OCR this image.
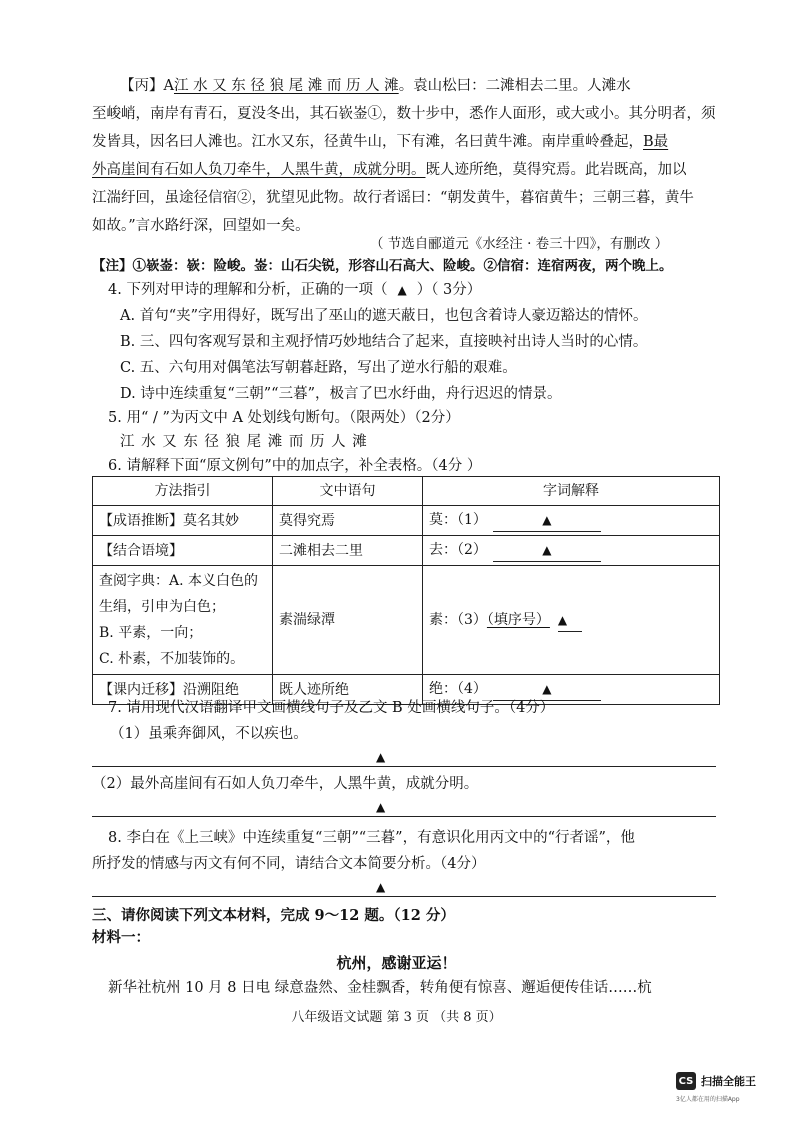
【丙】A江 水 又 东 径 狼 尾 滩 而 历 人 滩。袁山松曰：二滩相去二里。人滩水
至峻峭，南岸有青石，夏没冬出，其石嵚崟①，数十步中，悉作人面形，或大或小。其分明者，须
发皆具，因名曰人滩也。江水又东，径黄牛山，下有滩，名曰黄牛滩。南岸重岭叠起，B最
外高崖间有石如人负刀牵牛，人黑牛黄，成就分明。既人迹所绝，莫得究焉。此岩既高，加以
江湍纡回，虽途径信宿②，犹望见此物。故行者谣曰：“朝发黄牛，暮宿黄牛；三朝三暮，黄牛
如故。”言水路纡深，回望如一矣。
（ 节选自郦道元《水经注 · 卷三十四》，有删改 ）
【注】①嵚崟：嵚：险峻。崟：山石尖锐，形容山石高大、险峻。②信宿：连宿两夜，两个晚上。
4. 下列对甲诗的理解和分析，正确的一项（ ▲ ）（ 3分）
A. 首句“夹”字用得好，既写出了巫山的遮天蔽日，也包含着诗人豪迈豁达的情怀。
B. 三、四句客观写景和主观抒情巧妙地结合了起来，直接映衬出诗人当时的心情。
C. 五、六句用对偶笔法写朝暮赶路，写出了逆水行船的艰难。
D. 诗中连续重复“三朝”“三暮”，极言了巴水纡曲，舟行迟迟的情景。
5. 用“ / ”为丙文中 A 处划线句断句。（限两处）（2分）
江 水 又 东 径 狼 尾 滩 而 历 人 滩
6. 请解释下面“原文例句”中的加点字，补全表格。（4分 ）
方法指引	文中语句	字词解释
【成语推断】莫名其妙	莫得究焉	莫：（1） ▲
【结合语境】	二滩相去二里	去：（2） ▲

查阅字典：A. 本义白色的
生绢，引申为白色；
B. 平素，一向；
C. 朴素，不加装饰的。	素湍绿潭	素：（3）（填序号） ▲
【课内迁移】沿溯阻绝	既人迹所绝	绝：（4） ▲
7. 请用现代汉语翻译甲文画横线句子及乙文 B 处画横线句子。（4分）
（1）虽乘奔御风，不以疾也。
▲
（2）最外高崖间有石如人负刀牵牛，人黑牛黄，成就分明。
▲
8. 李白在《上三峡》中连续重复“三朝”“三暮”，有意识化用丙文中的“行者谣”，他
所抒发的情感与丙文有何不同，请结合文本简要分析。（4分）
▲
三、请你阅读下列文本材料，完成 9～12 题。（12 分）
材料一：
杭州，感谢亚运！
新华社杭州 10 月 8 日电 绿意盎然、金桂飘香，转角便有惊喜、邂逅便传佳话……杭
八年级语文试题 第 3 页 （共 8 页）
CS 扫描全能王
3亿人都在用的扫描App
